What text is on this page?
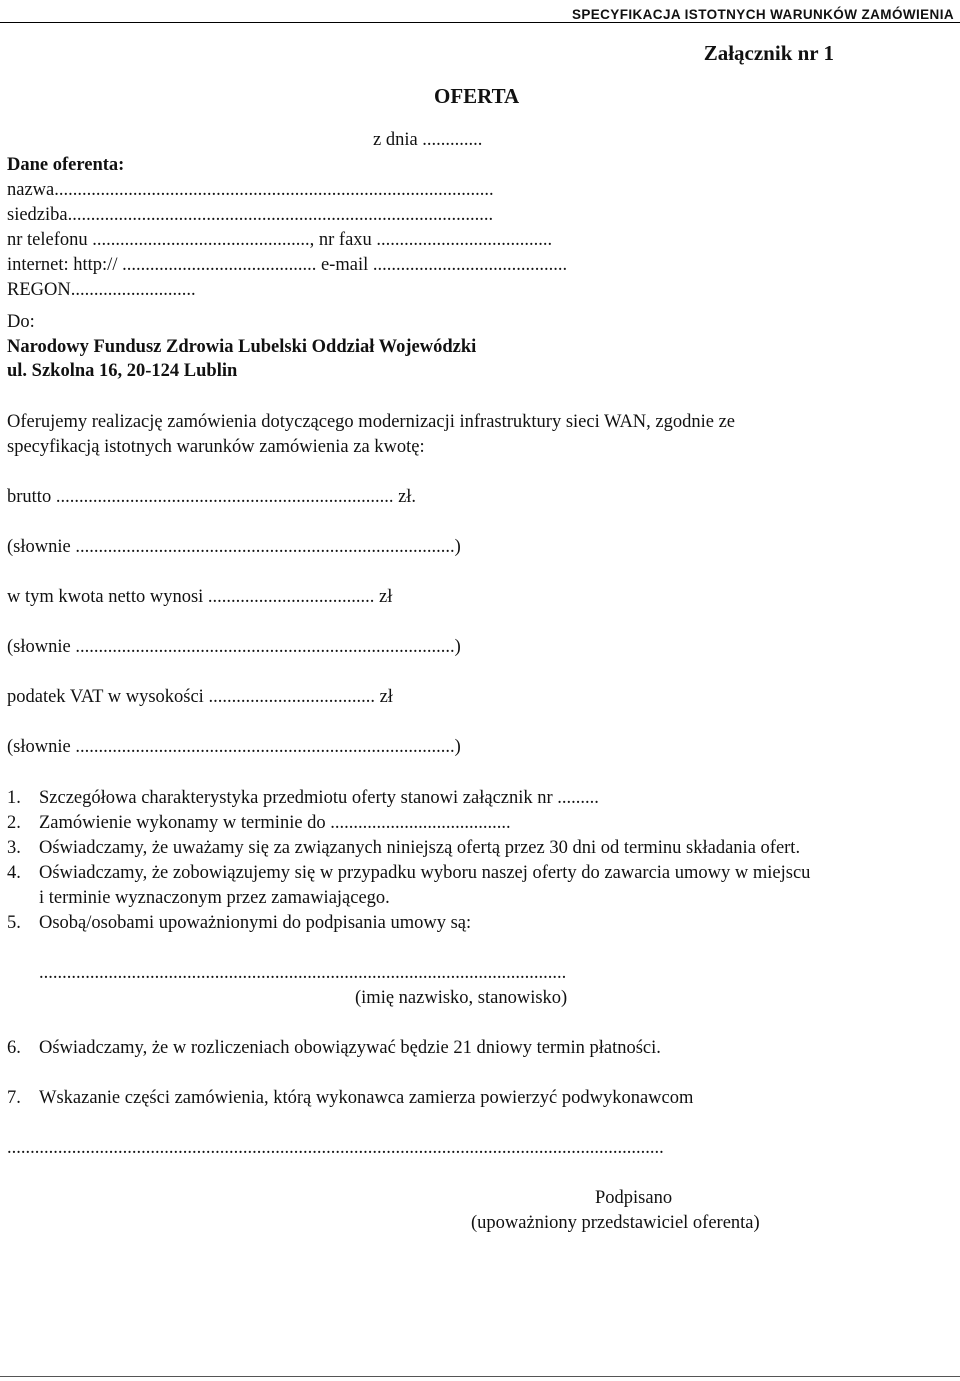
SPECYFIKACJA ISTOTNYCH WARUNKÓW ZAMÓWIENIA
Załącznik nr 1
OFERTA
z dnia .............
Dane oferenta:
nazwa...............................................................................................
siedziba............................................................................................
nr telefonu ..............................................., nr faxu ......................................
internet: http:// .......................................... e-mail ..........................................
REGON...........................
Do:
Narodowy Fundusz Zdrowia Lubelski Oddział Wojewódzki
ul. Szkolna 16, 20-124 Lublin
Oferujemy realizację zamówienia dotyczącego modernizacji infrastruktury sieci WAN, zgodnie ze
specyfikacją istotnych warunków zamówienia za kwotę:
brutto ......................................................................... zł.
(słownie ..................................................................................)
w tym kwota netto wynosi .................................... zł
(słownie ..................................................................................)
podatek VAT w wysokości .................................... zł
(słownie ..................................................................................)
1. Szczegółowa charakterystyka przedmiotu oferty stanowi załącznik nr .........
2. Zamówienie wykonamy w terminie do .......................................
3. Oświadczamy, że uważamy się za związanych niniejszą ofertą przez 30 dni od terminu składania ofert.
4. Oświadczamy, że zobowiązujemy się w przypadku wyboru naszej oferty do zawarcia umowy w miejscu
i terminie wyznaczonym przez zamawiającego.
5. Osobą/osobami upoważnionymi do podpisania umowy są:
..................................................................................................................
(imię nazwisko, stanowisko)
6. Oświadczamy, że w rozliczeniach obowiązywać będzie 21 dniowy termin płatności.
7. Wskazanie części zamówienia, którą wykonawca zamierza powierzyć podwykonawcom
..............................................................................................................................................
Podpisano
(upoważniony przedstawiciel oferenta)
